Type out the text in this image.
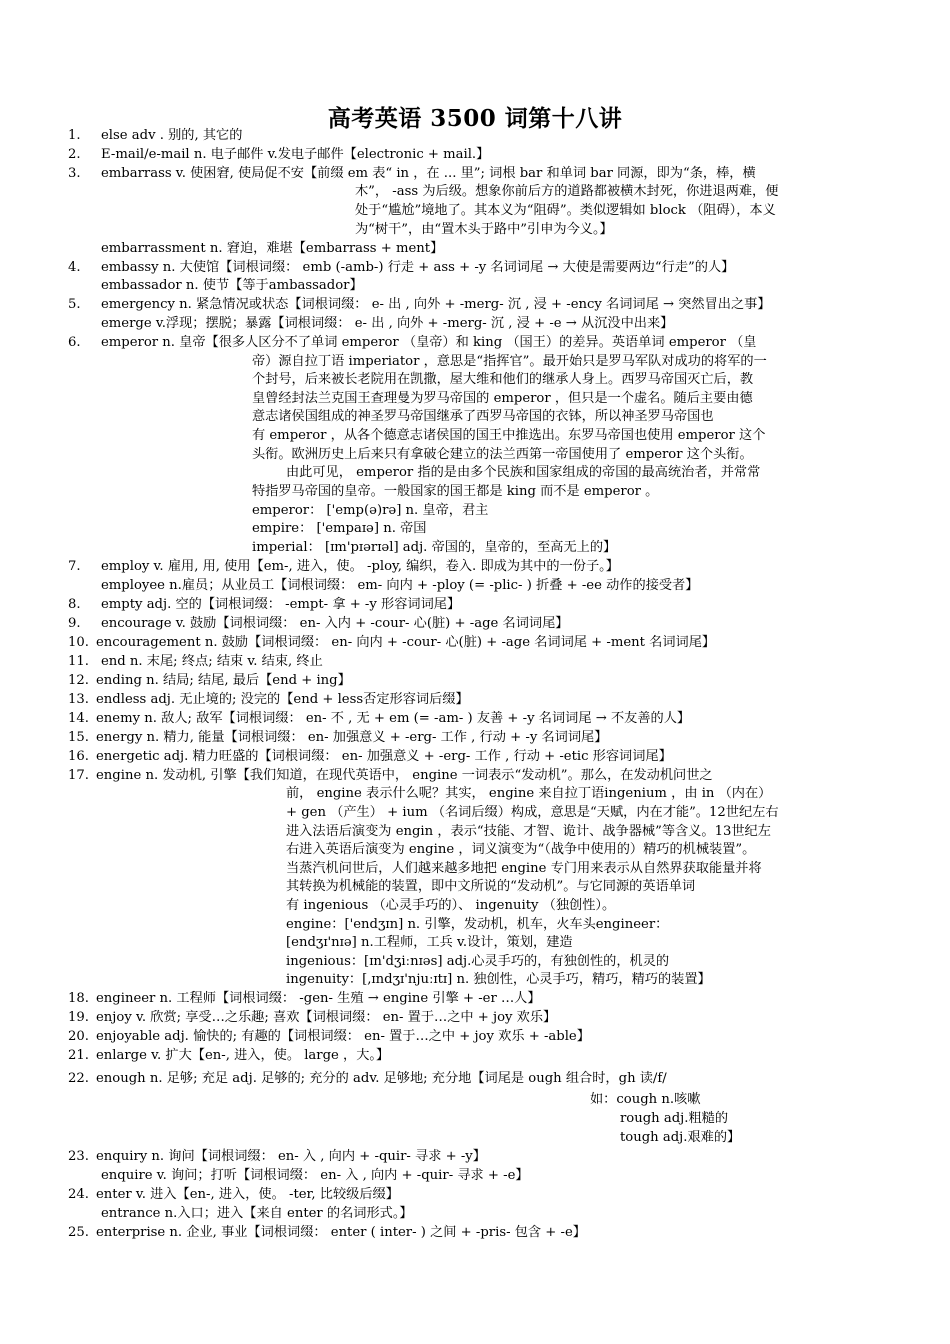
高考英语 3500 词第十八讲
1. else adv . 别的, 其它的
2. E-mail/e-mail n. 电子邮件 v.发电子邮件【electronic + mail.】
3. embarrass v. 使困窘, 使局促不安【前缀 em 表“ in ，在 ... 里”; 词根 bar 和单词 bar 同源，即为“条，棒，横
木”， -ass 为后级。想象你前后方的道路都被横木封死，你进退两难，便
处于“尴尬”境地了。其本义为“阻碍”。类似逻辑如 block （阻碍），本义
为“树干”，由“置木头于路中”引申为今义。】
embarrassment n. 窘迫，难堪【embarrass + ment】
4. embassy n. 大使馆【词根词缀： emb (-amb-) 行走 + ass + -y 名词词尾 → 大使是需要两边“行走”的人】
embassador n. 使节【等于ambassador】
5. emergency n. 紧急情况或状态【词根词缀： e- 出 , 向外 + -merg- 沉 , 浸 + -ency 名词词尾 → 突然冒出之事】
emerge v.浮现；摆脱；暴露【词根词缀： e- 出 , 向外 + -merg- 沉 , 浸 + -e → 从沉没中出来】
6. emperor n. 皇帝【很多人区分不了单词 emperor （皇帝）和 king （国王）的差异。英语单词 emperor （皇
帝）源自拉丁语 imperiator ，意思是“指挥官”。最开始只是罗马军队对成功的将军的一
个封号，后来被长老院用在凯撒，屋大维和他们的继承人身上。西罗马帝国灭亡后，教
皇曾经封法兰克国王查理曼为罗马帝国的 emperor ，但只是一个虚名。随后主要由德
意志诸侯国组成的神圣罗马帝国继承了西罗马帝国的衣钵，所以神圣罗马帝国也
有 emperor ，从各个德意志诸侯国的国王中推选出。东罗马帝国也使用 emperor 这个
头衔。欧洲历史上后来只有拿破仑建立的法兰西第一帝国使用了 emperor 这个头衔。
由此可见， emperor 指的是由多个民族和国家组成的帝国的最高统治者，并常常
特指罗马帝国的皇帝。一般国家的国王都是 king 而不是 emperor 。
emperor： ['emp(ə)rə] n. 皇帝，君主
empire： ['empaɪə] n. 帝国
imperial： [ɪm'pɪərɪəl] adj. 帝国的，皇帝的，至高无上的】
7. employ v. 雇用, 用, 使用【em-, 进入，使。 -ploy, 编织，卷入. 即成为其中的一份子。】
employee n.雇员；从业员工【词根词缀： em- 向内 + -ploy (= -plic- ) 折叠 + -ee 动作的接受者】
8. empty adj. 空的【词根词缀： -empt- 拿 + -y 形容词词尾】
9. encourage v. 鼓励【词根词缀： en- 入内 + -cour- 心(脏) + -age 名词词尾】
10. encouragement n. 鼓励【词根词缀： en- 向内 + -cour- 心(脏) + -age 名词词尾 + -ment 名词词尾】
11. end n. 末尾; 终点; 结束 v. 结束, 终止
12. ending n. 结局; 结尾, 最后【end + ing】
13. endless adj. 无止境的; 没完的【end + less否定形容词后缀】
14. enemy n. 敌人; 敌军【词根词缀： en- 不 , 无 + em (= -am- ) 友善 + -y 名词词尾 → 不友善的人】
15. energy n. 精力, 能量【词根词缀： en- 加强意义 + -erg- 工作 , 行动 + -y 名词词尾】
16. energetic adj. 精力旺盛的【词根词缀： en- 加强意义 + -erg- 工作 , 行动 + -etic 形容词词尾】
17. engine n. 发动机, 引擎【我们知道，在现代英语中， engine 一词表示“发动机”。那么，在发动机问世之
前， engine 表示什么呢？其实， engine 来自拉丁语ingenium ，由 in （内在）
+ gen （产生） + ium （名词后缀）构成，意思是“天赋，内在才能”。12世纪左右
进入法语后演变为 engin ，表示“技能、才智、诡计、战争器械”等含义。13世纪左
右进入英语后演变为 engine ，词义演变为“（战争中使用的）精巧的机械装置”。
当蒸汽机问世后，人们越来越多地把 engine 专门用来表示从自然界获取能量并将
其转换为机械能的装置，即中文所说的“发动机”。与它同源的英语单词
有 ingenious （心灵手巧的）、 ingenuity （独创性）。
engine：['endʒɪn] n. 引擎，发动机，机车，火车头engineer：
[endʒɪ'nɪə] n.工程师，工兵 v.设计，策划，建造
ingenious：[ɪn'dʒiːnɪəs] adj.心灵手巧的，有独创性的，机灵的
ingenuity：[,ɪndʒɪ'njuːɪtɪ] n. 独创性，心灵手巧，精巧，精巧的装置】
18. engineer n. 工程师【词根词缀： -gen- 生殖 → engine 引擎 + -er …人】
19. enjoy v. 欣赏; 享受…之乐趣; 喜欢【词根词缀： en- 置于…之中 + joy 欢乐】
20. enjoyable adj. 愉快的; 有趣的【词根词缀： en- 置于…之中 + joy 欢乐 + -able】
21. enlarge v. 扩大【en-, 进入，使。 large ，大。】
22. enough n. 足够; 充足 adj. 足够的; 充分的 adv. 足够地; 充分地【词尾是 ough 组合时，gh 读/f/
如：cough n.咳嗽
rough adj.粗糙的
tough adj.艰难的】
23. enquiry n. 询问【词根词缀： en- 入 , 向内 + -quir- 寻求 + -y】
enquire v. 询问；打听【词根词缀： en- 入 , 向内 + -quir- 寻求 + -e】
24. enter v. 进入【en-, 进入，使。 -ter, 比较级后缀】
entrance n.入口；进入【来自 enter 的名词形式。】
25. enterprise n. 企业, 事业【词根词缀： enter ( inter- ) 之间 + -pris- 包含 + -e】
